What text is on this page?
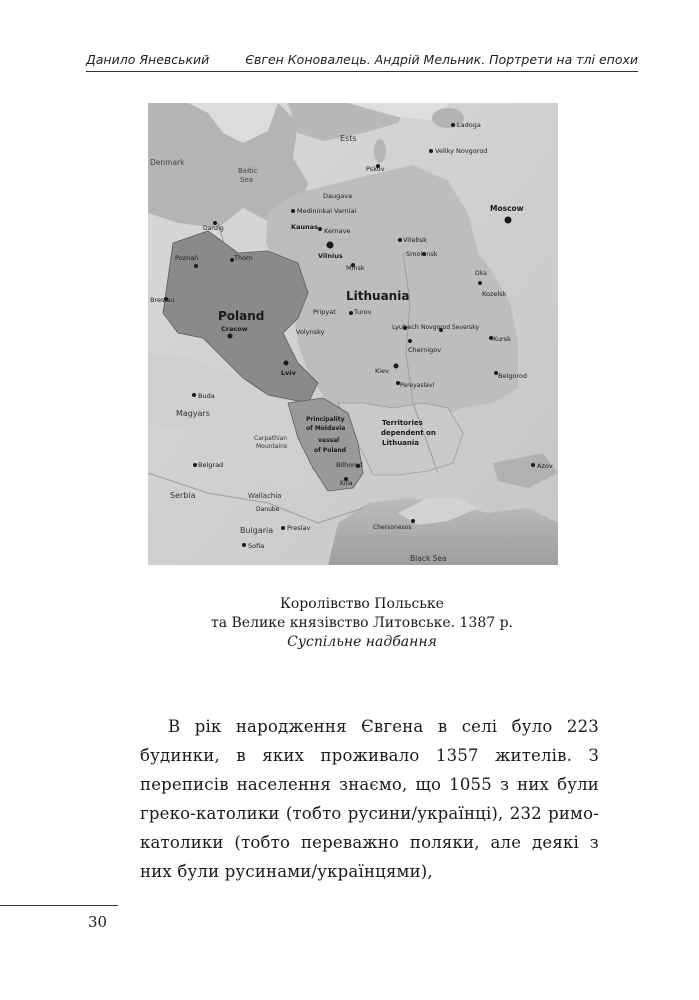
Данило Яневський	Євген Коновалець. Андрій Мельник. Портрети на тлі епохи
Ladoga
Ests
Veliky Novgorod
Pskov
Denmark
Baltic Sea
Daugava
Medininkai Varniai	Moscow
Danzig	Kaunas Kernave
Vitebsk
Vilnius	Smolensk
Poznań	Thorn
Minsk
Oka
Breslau	Lithuania	Kozelsk
Poland	Pripyat	Turov
Cracow	Volynsky
Lyubech Novgorod Seversky
Kursk
Chernigov
Lviv	Kiev
Belgorod
Pereyaslavl
Buda
Magyars
Principality
of Moldavia
vassal
of Poland
Territories
dependent on
Lithuania
Carpathian
Mountains
Belgrad	Bilhorod
Kilia
Azov
Serbia	Wallachia
Danube
Bulgaria Preslav
Sofia
Chersonesos
Black Sea
Королівство Польське
та Велике князівство Литовське. 1387 р.
Суспільне надбання

В рік народження Євгена в селі було 223 будинки, в яких проживало 1357 жителів. З переписів населення знаємо, що 1055 з них були греко-католики (тобто русини/українці), 232 римо-католики (тобто переважно поляки, але деякі з них були русинами/українцями),

30
